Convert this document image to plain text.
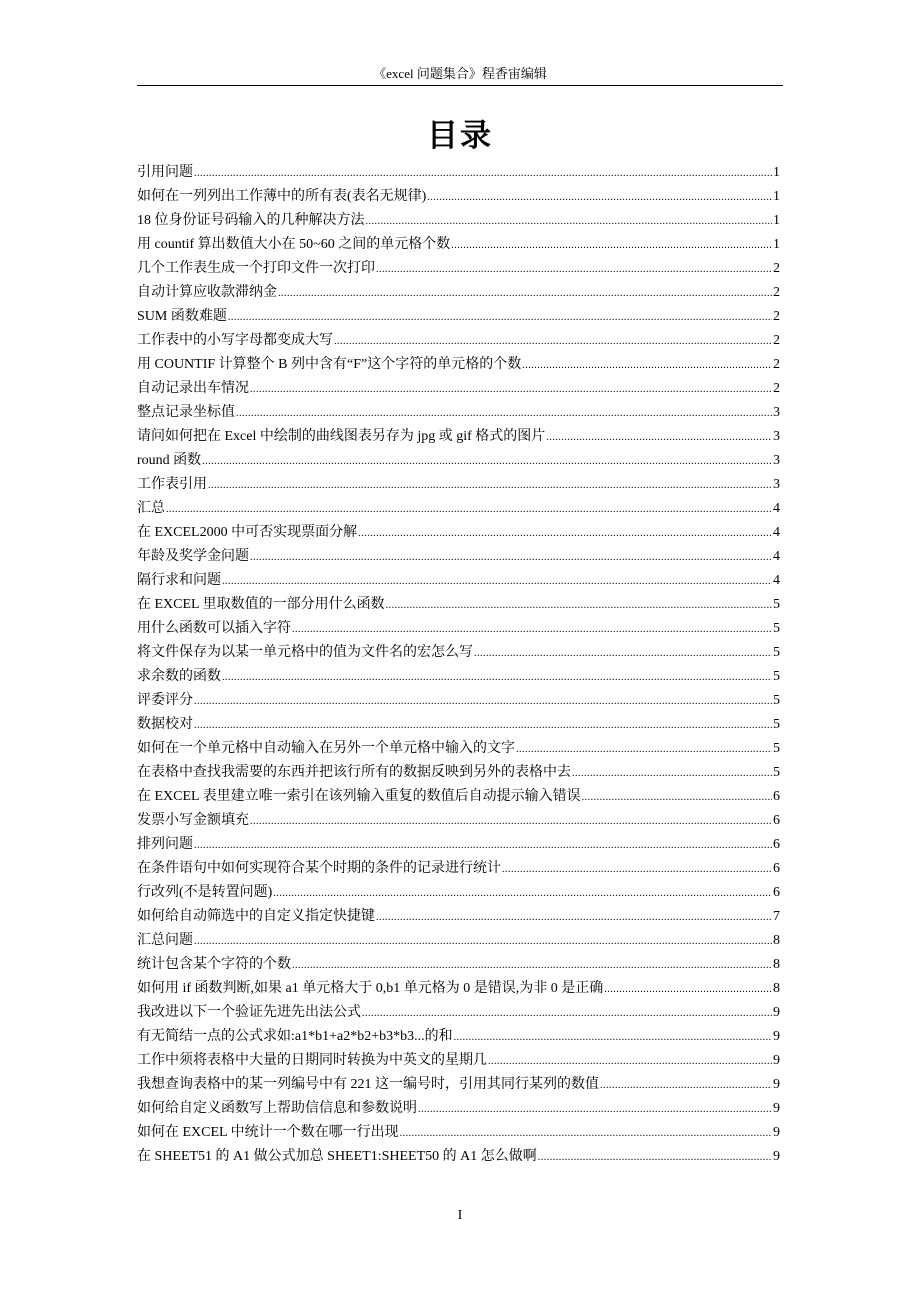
《excel 问题集合》程香宙编辑
目录
引用问题 .....	1
如何在一列列出工作薄中的所有表(表名无规律) .....	1
18 位身份证号码输入的几种解决方法 .....	1
用 countif 算出数值大小在 50~60 之间的单元格个数 .....	1
几个工作表生成一个打印文件一次打印 .....	2
自动计算应收款滞纳金 .....	2
SUM 函数难题 .....	2
工作表中的小写字母都变成大写 .....	2
用 COUNTIF 计算整个 B 列中含有“F”这个字符的单元格的个数 .....	2
自动记录出车情况 .....	2
整点记录坐标值 .....	3
请问如何把在 Excel 中绘制的曲线图表另存为 jpg 或 gif 格式的图片 .....	3
round 函数 .....	3
工作表引用 .....	3
汇总 .....	4
在 EXCEL2000 中可否实现票面分解 .....	4
年龄及奖学金问题 .....	4
隔行求和问题 .....	4
在 EXCEL 里取数值的一部分用什么函数 .....	5
用什么函数可以插入字符 .....	5
将文件保存为以某一单元格中的值为文件名的宏怎么写 .....	5
求余数的函数 .....	5
评委评分 .....	5
数据校对 .....	5
如何在一个单元格中自动输入在另外一个单元格中输入的文字 .....	5
在表格中查找我需要的东西并把该行所有的数据反映到另外的表格中去 .....	5
在 EXCEL 表里建立唯一索引在该列输入重复的数值后自动提示输入错误 .....	6
发票小写金额填充 .....	6
排列问题 .....	6
在条件语句中如何实现符合某个时期的条件的记录进行统计 .....	6
行改列(不是转置问题) .....	6
如何给自动筛选中的自定义指定快捷键 .....	7
汇总问题 .....	8
统计包含某个字符的个数 .....	8
如何用 if 函数判断,如果 a1 单元格大于 0,b1 单元格为 0 是错误,为非 0 是正确 .....	8
我改进以下一个验证先进先出法公式 .....	9
有无简结一点的公式求如:a1*b1+a2*b2+b3*b3...的和 .....	9
工作中须将表格中大量的日期同时转换为中英文的星期几 .....	9
我想查询表格中的某一列编号中有 221 这一编号时，引用其同行某列的数值 .....	9
如何给自定义函数写上帮助信信息和参数说明 .....	9
如何在 EXCEL 中统计一个数在哪一行出现 .....	9
在 SHEET51 的 A1 做公式加总 SHEET1:SHEET50 的 A1 怎么做啊 .....	9
I
